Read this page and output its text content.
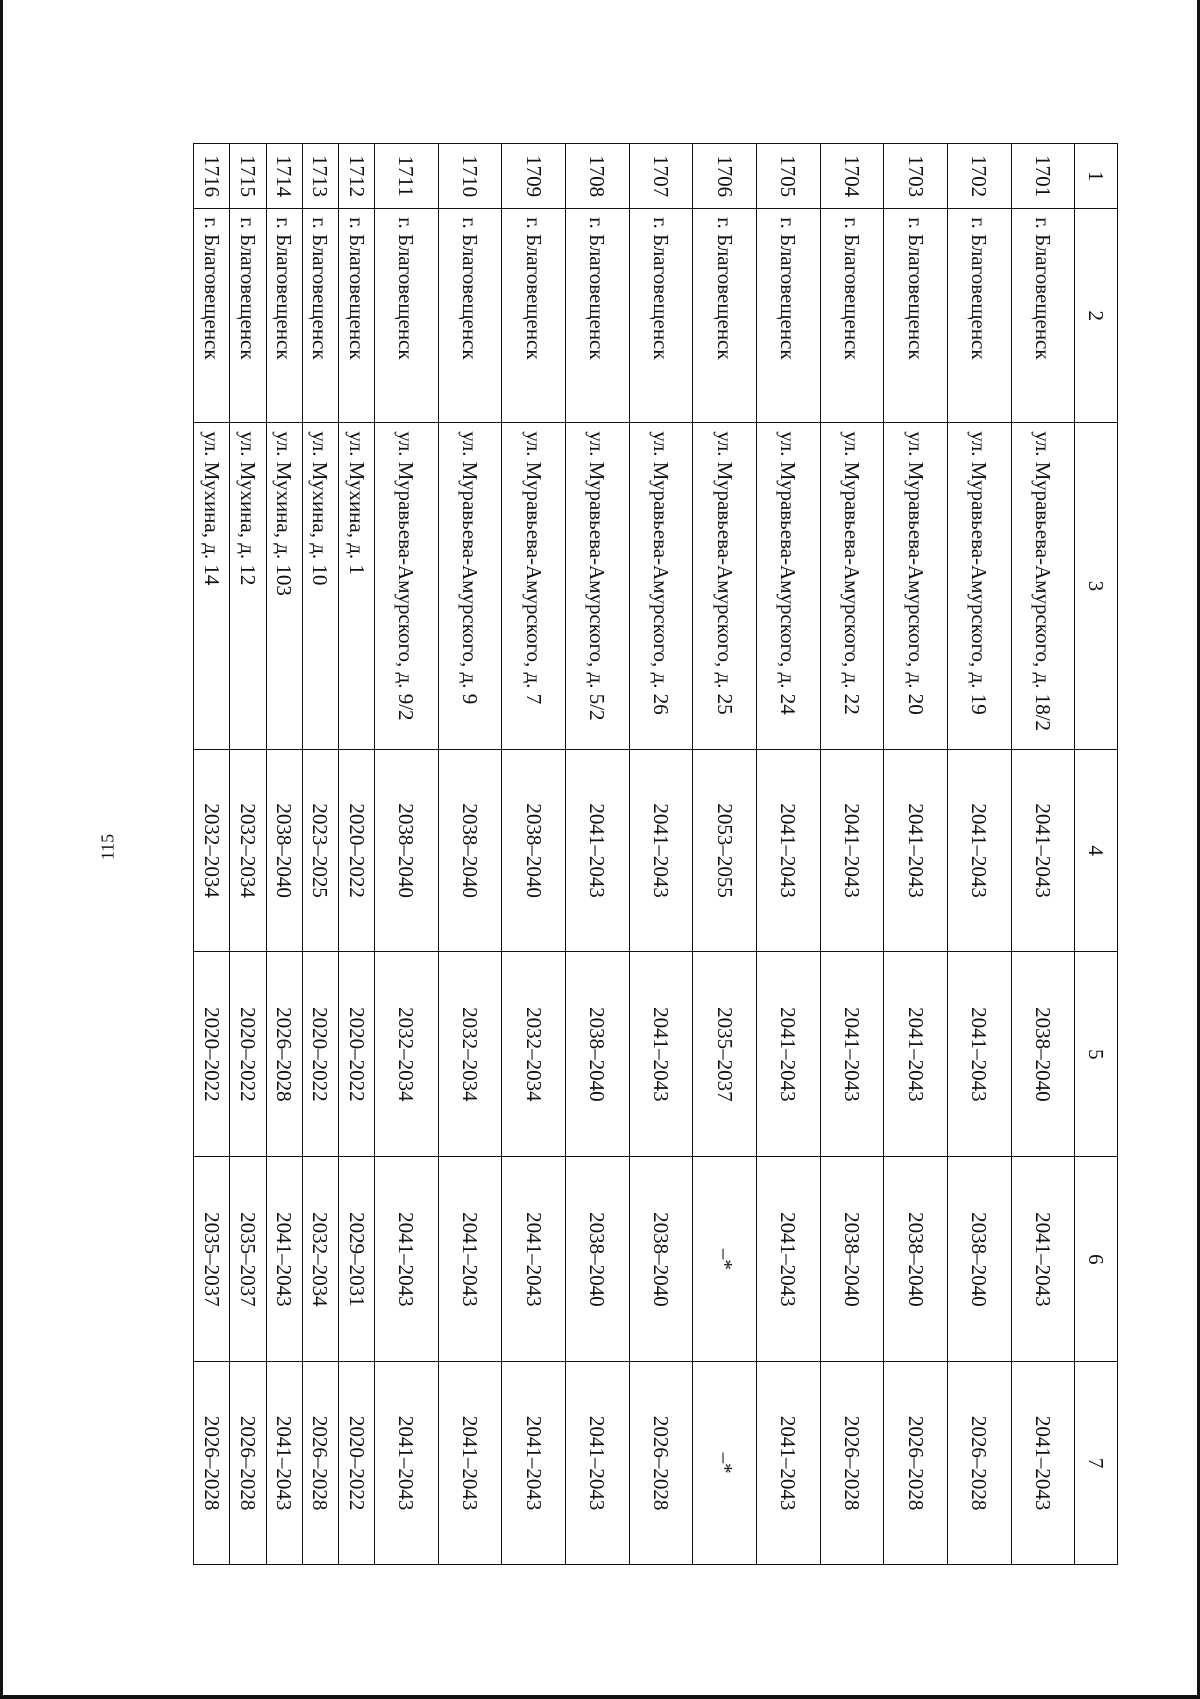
115
1	2	3	4	5	6	7
1701	г. Благовещенск	ул. Муравьева-Амурского, д. 18/2	2041–2043	2038–2040	2041–2043	2041–2043
1702	г. Благовещенск	ул. Муравьева-Амурского, д. 19	2041–2043	2041–2043	2038–2040	2026–2028
1703	г. Благовещенск	ул. Муравьева-Амурского, д. 20	2041–2043	2041–2043	2038–2040	2026–2028
1704	г. Благовещенск	ул. Муравьева-Амурского, д. 22	2041–2043	2041–2043	2038–2040	2026–2028
1705	г. Благовещенск	ул. Муравьева-Амурского, д. 24	2041–2043	2041–2043	2041–2043	2041–2043
1706	г. Благовещенск	ул. Муравьева-Амурского, д. 25	2053–2055	2035–2037	–*	–*
1707	г. Благовещенск	ул. Муравьева-Амурского, д. 26	2041–2043	2041–2043	2038–2040	2026–2028
1708	г. Благовещенск	ул. Муравьева-Амурского, д. 5/2	2041–2043	2038–2040	2038–2040	2041–2043
1709	г. Благовещенск	ул. Муравьева-Амурского, д. 7	2038–2040	2032–2034	2041–2043	2041–2043
1710	г. Благовещенск	ул. Муравьева-Амурского, д. 9	2038–2040	2032–2034	2041–2043	2041–2043
1711	г. Благовещенск	ул. Муравьева-Амурского, д. 9/2	2038–2040	2032–2034	2041–2043	2041–2043
1712	г. Благовещенск	ул. Мухина, д. 1	2020–2022	2020–2022	2029–2031	2020–2022
1713	г. Благовещенск	ул. Мухина, д. 10	2023–2025	2020–2022	2032–2034	2026–2028
1714	г. Благовещенск	ул. Мухина, д. 103	2038–2040	2026–2028	2041–2043	2041–2043
1715	г. Благовещенск	ул. Мухина, д. 12	2032–2034	2020–2022	2035–2037	2026–2028
1716	г. Благовещенск	ул. Мухина, д. 14	2032–2034	2020–2022	2035–2037	2026–2028
